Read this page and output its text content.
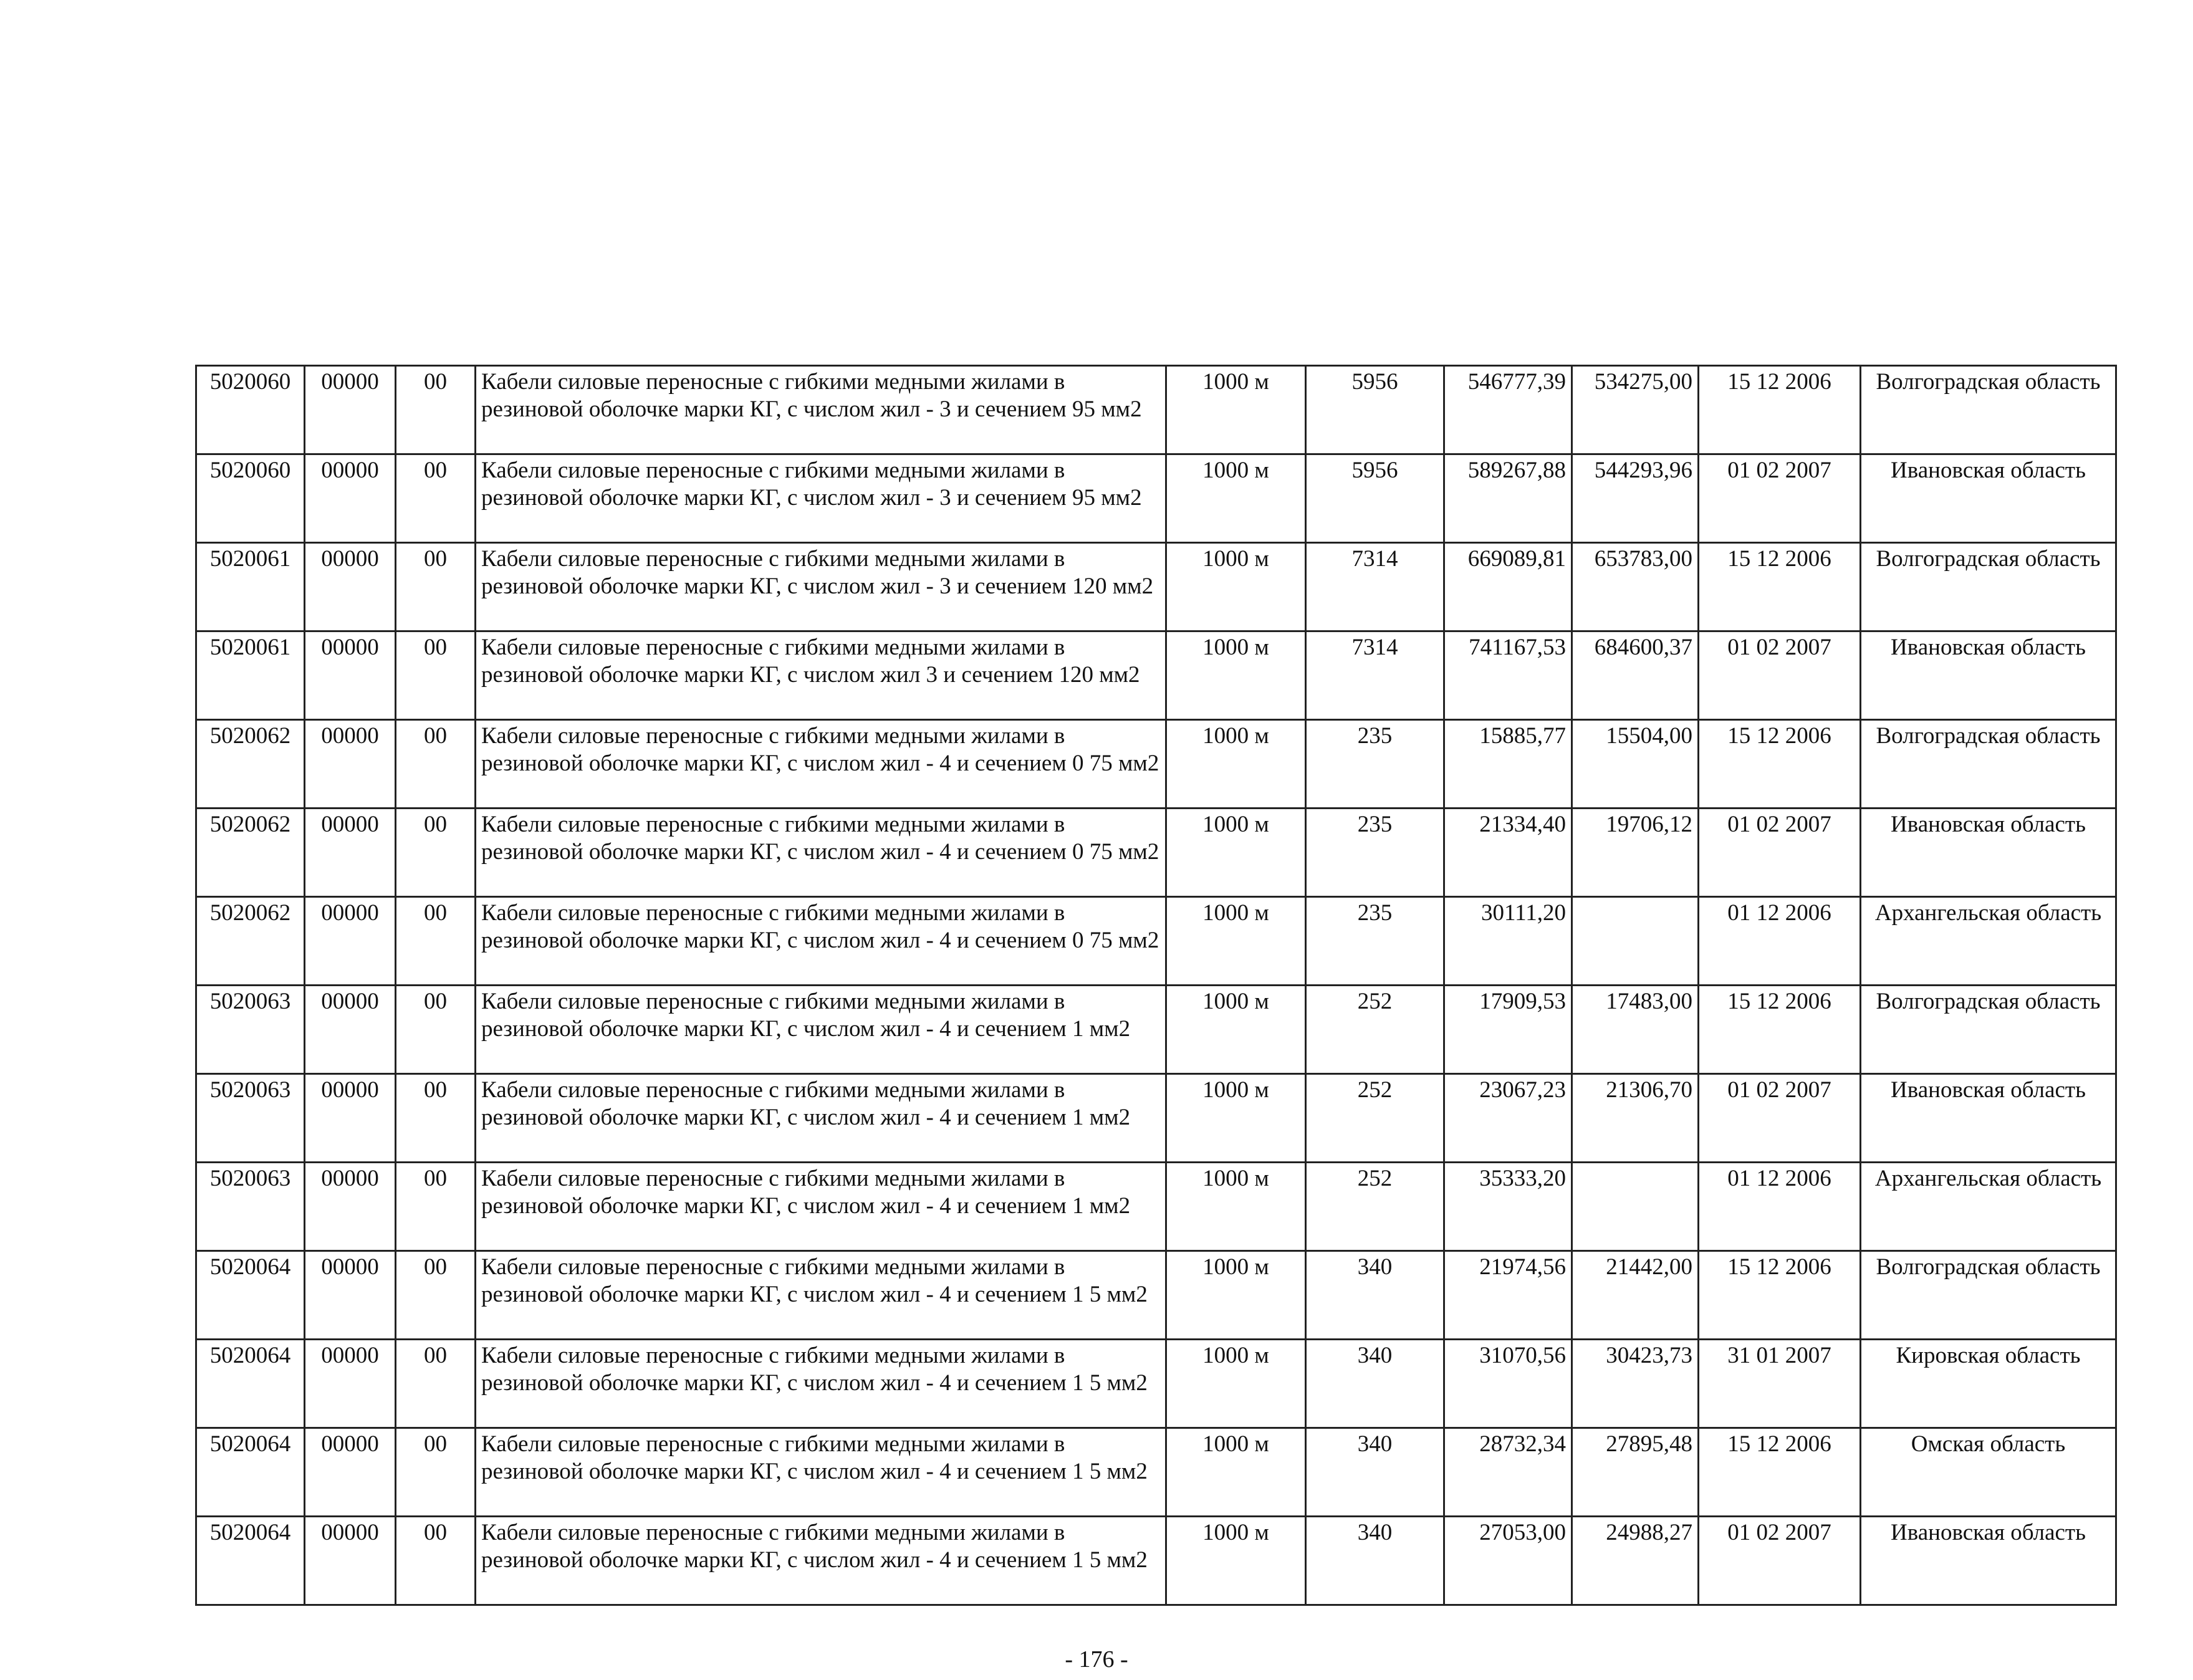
5020060	00000	00	Кабели силовые переносные с гибкими медными жилами в резиновой оболочке марки КГ, с числом жил - 3 и сечением 95 мм2	1000 м	5956	546777,39	534275,00	15 12 2006	Волгоградская область
5020060	00000	00	Кабели силовые переносные с гибкими медными жилами в резиновой оболочке марки КГ, с числом жил - 3 и сечением 95 мм2	1000 м	5956	589267,88	544293,96	01 02 2007	Ивановская область
5020061	00000	00	Кабели силовые переносные с гибкими медными жилами в резиновой оболочке марки КГ, с числом жил - 3 и сечением 120 мм2	1000 м	7314	669089,81	653783,00	15 12 2006	Волгоградская область
5020061	00000	00	Кабели силовые переносные с гибкими медными жилами в резиновой оболочке марки КГ, с числом жил 3 и сечением 120 мм2	1000 м	7314	741167,53	684600,37	01 02 2007	Ивановская область
5020062	00000	00	Кабели силовые переносные с гибкими медными жилами в резиновой оболочке марки КГ, с числом жил - 4 и сечением 0 75 мм2	1000 м	235	15885,77	15504,00	15 12 2006	Волгоградская область
5020062	00000	00	Кабели силовые переносные с гибкими медными жилами в резиновой оболочке марки КГ, с числом жил - 4 и сечением 0 75 мм2	1000 м	235	21334,40	19706,12	01 02 2007	Ивановская область
5020062	00000	00	Кабели силовые переносные с гибкими медными жилами в резиновой оболочке марки КГ, с числом жил - 4 и сечением 0 75 мм2	1000 м	235	30111,20		01 12 2006	Архангельская область
5020063	00000	00	Кабели силовые переносные с гибкими медными жилами в резиновой оболочке марки КГ, с числом жил - 4 и сечением 1 мм2	1000 м	252	17909,53	17483,00	15 12 2006	Волгоградская область
5020063	00000	00	Кабели силовые переносные с гибкими медными жилами в резиновой оболочке марки КГ, с числом жил - 4 и сечением 1 мм2	1000 м	252	23067,23	21306,70	01 02 2007	Ивановская область
5020063	00000	00	Кабели силовые переносные с гибкими медными жилами в резиновой оболочке марки КГ, с числом жил - 4 и сечением 1 мм2	1000 м	252	35333,20		01 12 2006	Архангельская область
5020064	00000	00	Кабели силовые переносные с гибкими медными жилами в резиновой оболочке марки КГ, с числом жил - 4 и сечением 1 5 мм2	1000 м	340	21974,56	21442,00	15 12 2006	Волгоградская область
5020064	00000	00	Кабели силовые переносные с гибкими медными жилами в резиновой оболочке марки КГ, с числом жил - 4 и сечением 1 5 мм2	1000 м	340	31070,56	30423,73	31 01 2007	Кировская область
5020064	00000	00	Кабели силовые переносные с гибкими медными жилами в резиновой оболочке марки КГ, с числом жил - 4 и сечением 1 5 мм2	1000 м	340	28732,34	27895,48	15 12 2006	Омская область
5020064	00000	00	Кабели силовые переносные с гибкими медными жилами в резиновой оболочке марки КГ, с числом жил - 4 и сечением 1 5 мм2	1000 м	340	27053,00	24988,27	01 02 2007	Ивановская область
- 176 -
